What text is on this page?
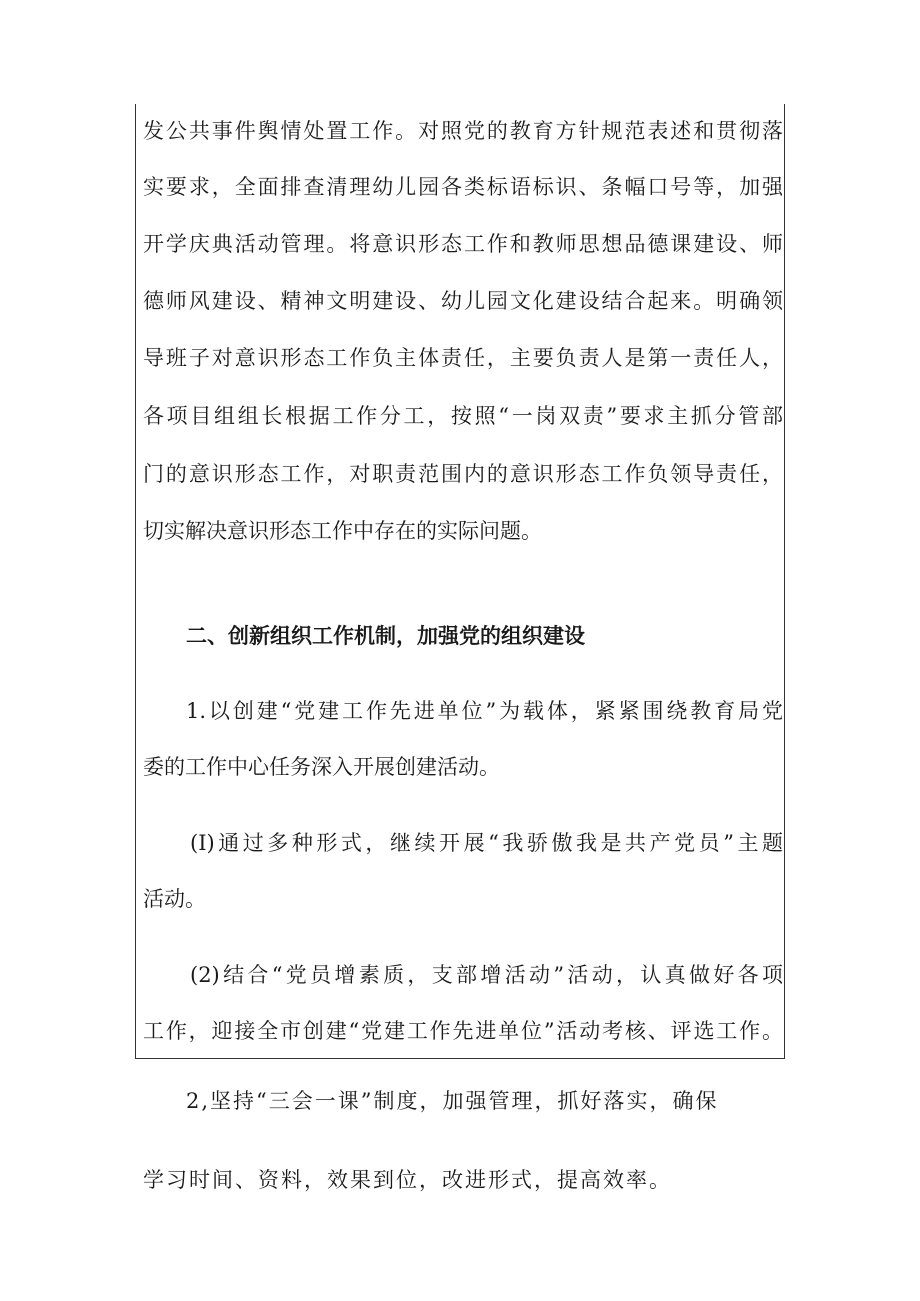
发公共事件舆情处置工作。对照党的教育方针规范表述和贯彻落
实要求，全面排查清理幼儿园各类标语标识、条幅口号等，加强
开学庆典活动管理。将意识形态工作和教师思想品德课建设、师
德师风建设、精神文明建设、幼儿园文化建设结合起来。明确领
导班子对意识形态工作负主体责任，主要负责人是第一责任人，
各项目组组长根据工作分工，按照“一岗双责”要求主抓分管部
门的意识形态工作，对职责范围内的意识形态工作负领导责任，
切实解决意识形态工作中存在的实际问题。
二、创新组织工作机制，加强党的组织建设
1.以创建“党建工作先进单位”为载体，紧紧围绕教育局党
委的工作中心任务深入开展创建活动。
(I)通过多种形式，继续开展“我骄傲我是共产党员”主题
活动。
(2)结合“党员增素质，支部增活动”活动，认真做好各项
工作，迎接全市创建“党建工作先进单位”活动考核、评选工作。
2,坚持“三会一课”制度，加强管理，抓好落实，确保
学习时间、资料，效果到位，改进形式，提高效率。
